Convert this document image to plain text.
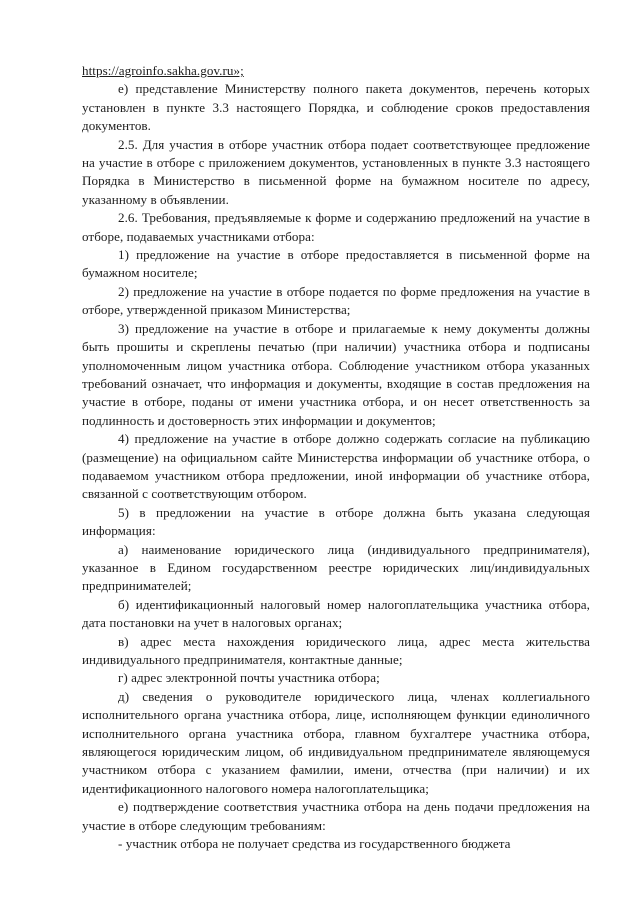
https://agroinfo.sakha.gov.ru»;

е) представление Министерству полного пакета документов, перечень которых установлен в пункте 3.3 настоящего Порядка, и соблюдение сроков предоставления документов.

2.5. Для участия в отборе участник отбора подает соответствующее предложение на участие в отборе с приложением документов, установленных в пункте 3.3 настоящего Порядка в Министерство в письменной форме на бумажном носителе по адресу, указанному в объявлении.

2.6. Требования, предъявляемые к форме и содержанию предложений на участие в отборе, подаваемых участниками отбора:

1) предложение на участие в отборе предоставляется в письменной форме на бумажном носителе;

2) предложение на участие в отборе подается по форме предложения на участие в отборе, утвержденной приказом Министерства;

3) предложение на участие в отборе и прилагаемые к нему документы должны быть прошиты и скреплены печатью (при наличии) участника отбора и подписаны уполномоченным лицом участника отбора. Соблюдение участником отбора указанных требований означает, что информация и документы, входящие в состав предложения на участие в отборе, поданы от имени участника отбора, и он несет ответственность за подлинность и достоверность этих информации и документов;

4) предложение на участие в отборе должно содержать согласие на публикацию (размещение) на официальном сайте Министерства информации об участнике отбора, о подаваемом участником отбора предложении, иной информации об участнике отбора, связанной с соответствующим отбором.

5) в предложении на участие в отборе должна быть указана следующая информация:

а) наименование юридического лица (индивидуального предпринимателя), указанное в Едином государственном реестре юридических лиц/индивидуальных предпринимателей;

б) идентификационный налоговый номер налогоплательщика участника отбора, дата постановки на учет в налоговых органах;

в) адрес места нахождения юридического лица, адрес места жительства индивидуального предпринимателя, контактные данные;

г) адрес электронной почты участника отбора;

д) сведения о руководителе юридического лица, членах коллегиального исполнительного органа участника отбора, лице, исполняющем функции единоличного исполнительного органа участника отбора, главном бухгалтере участника отбора, являющегося юридическим лицом, об индивидуальном предпринимателе являющемуся участником отбора с указанием фамилии, имени, отчества (при наличии) и их идентификационного налогового номера налогоплательщика;

е) подтверждение соответствия участника отбора на день подачи предложения на участие в отборе следующим требованиям:

- участник отбора не получает средства из государственного бюджета
